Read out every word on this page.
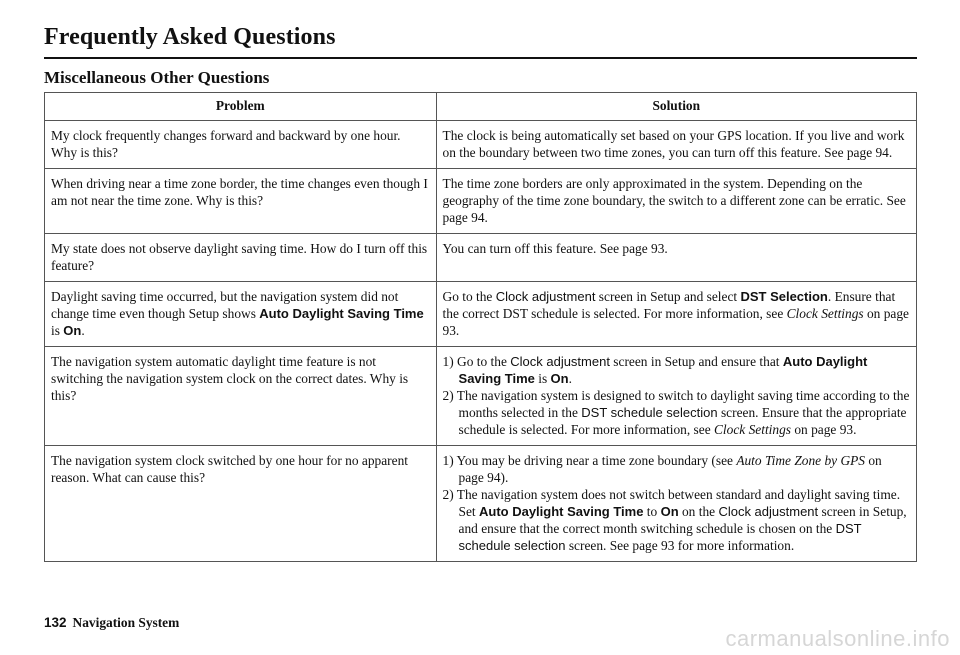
Frequently Asked Questions
Miscellaneous Other Questions
Problem	Solution
My clock frequently changes forward and backward by one hour. Why is this?	The clock is being automatically set based on your GPS location. If you live and work on the boundary between two time zones, you can turn off this feature. See page 94.
When driving near a time zone border, the time changes even though I am not near the time zone. Why is this?	The time zone borders are only approximated in the system. Depending on the geography of the time zone boundary, the switch to a different zone can be erratic. See page 94.
My state does not observe daylight saving time. How do I turn off this feature?	You can turn off this feature. See page 93.
Daylight saving time occurred, but the navigation system did not change time even though Setup shows Auto Daylight Saving Time is On.	Go to the Clock adjustment screen in Setup and select DST Selection. Ensure that the correct DST schedule is selected. For more information, see Clock Settings on page 93.
The navigation system automatic daylight time feature is not switching the navigation system clock on the correct dates. Why is this?	1) Go to the Clock adjustment screen in Setup and ensure that Auto Daylight Saving Time is On.
2) The navigation system is designed to switch to daylight saving time according to the months selected in the DST schedule selection screen. Ensure that the appropriate schedule is selected. For more information, see Clock Settings on page 93.

The navigation system clock switched by one hour for no apparent reason. What can cause this?	1) You may be driving near a time zone boundary (see Auto Time Zone by GPS on page 94).
2) The navigation system does not switch between standard and daylight saving time. Set Auto Daylight Saving Time to On on the Clock adjustment screen in Setup, and ensure that the correct month switching schedule is chosen on the DST schedule selection screen. See page 93 for more information.
132 Navigation System
carmanualsonline.info
